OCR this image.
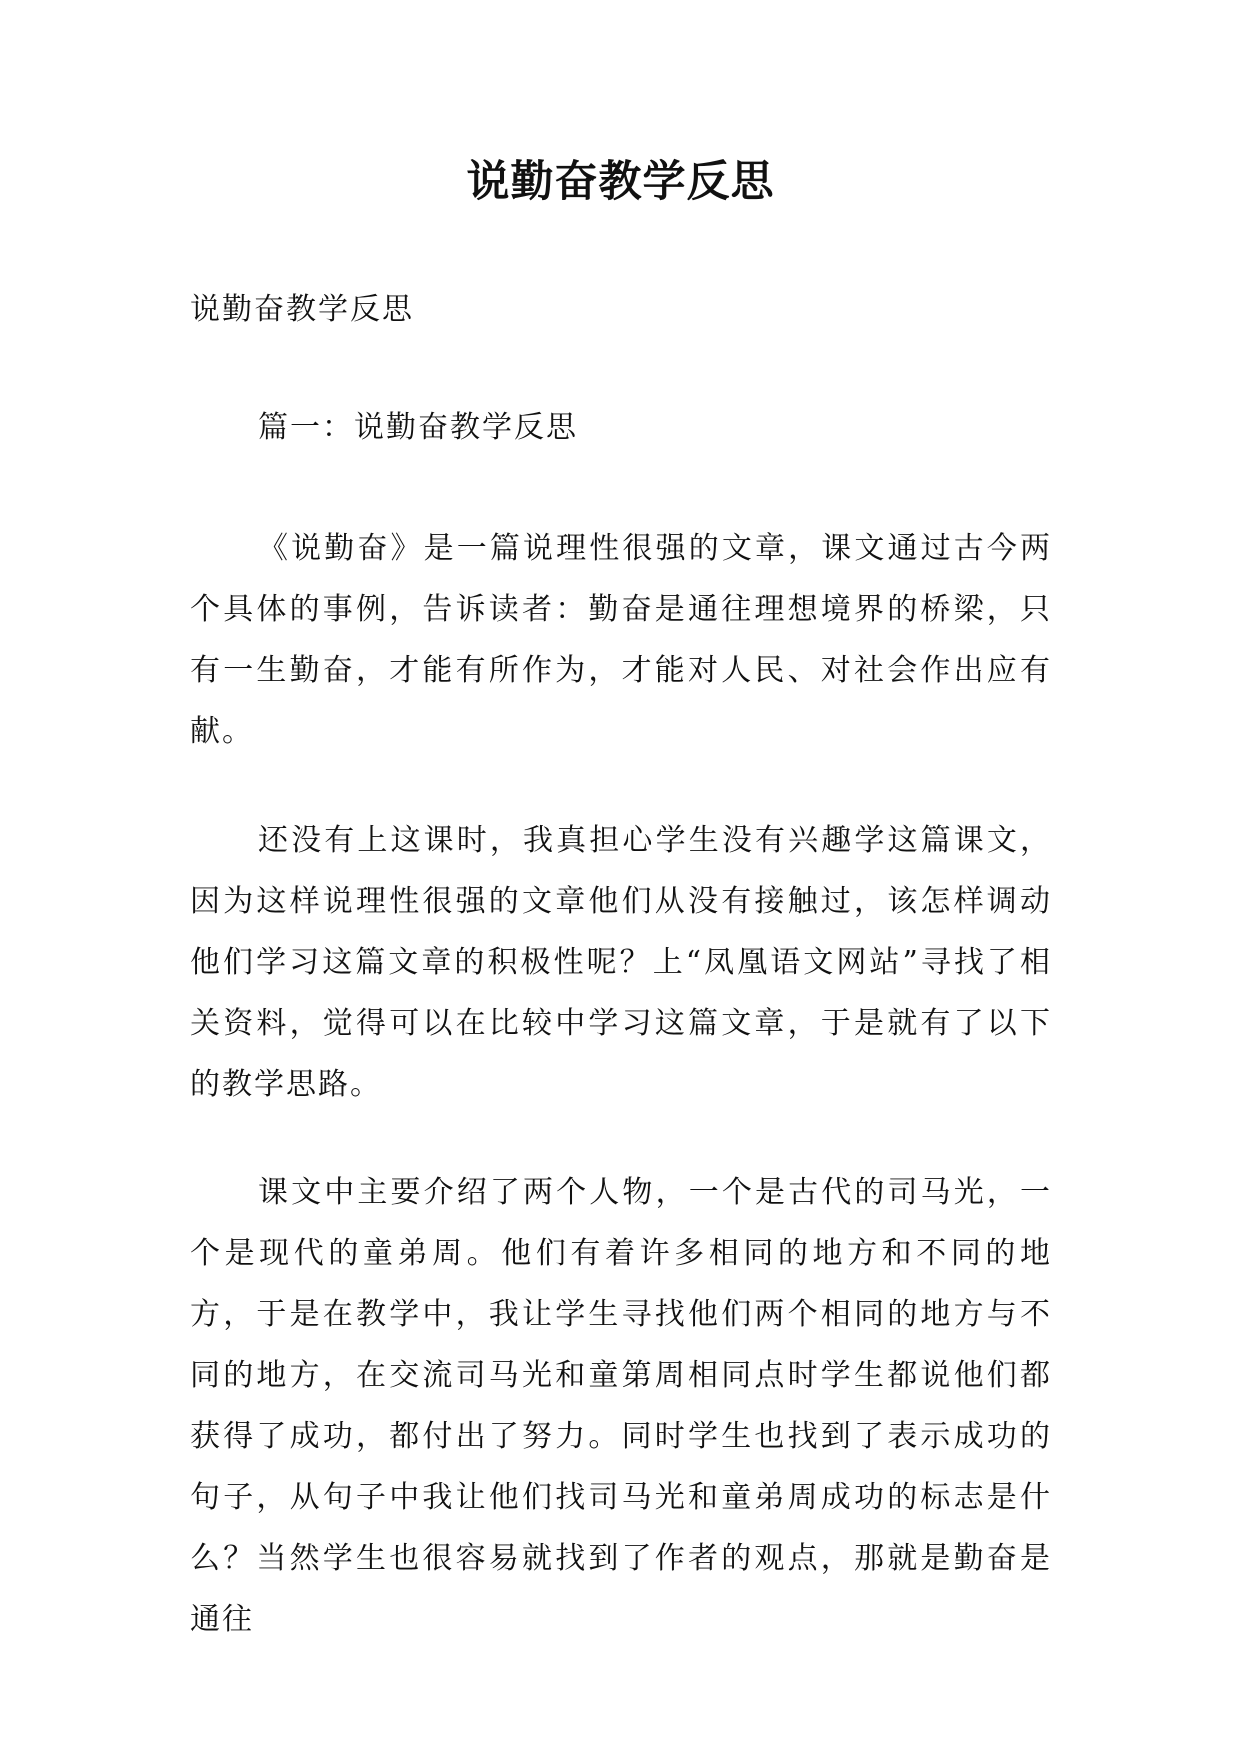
说勤奋教学反思
说勤奋教学反思
篇一：说勤奋教学反思

《说勤奋》是一篇说理性很强的文章，课文通过古今两个具体的事例，告诉读者：勤奋是通往理想境界的桥梁，只有一生勤奋，才能有所作为，才能对人民、对社会作出应有献。

还没有上这课时，我真担心学生没有兴趣学这篇课文，因为这样说理性很强的文章他们从没有接触过，该怎样调动他们学习这篇文章的积极性呢？上“凤凰语文网站”寻找了相关资料，觉得可以在比较中学习这篇文章，于是就有了以下的教学思路。

课文中主要介绍了两个人物，一个是古代的司马光，一个是现代的童弟周。他们有着许多相同的地方和不同的地方，于是在教学中，我让学生寻找他们两个相同的地方与不同的地方，在交流司马光和童第周相同点时学生都说他们都获得了成功，都付出了努力。同时学生也找到了表示成功的句子，从句子中我让他们找司马光和童弟周成功的标志是什么？当然学生也很容易就找到了作者的观点，那就是勤奋是通往
